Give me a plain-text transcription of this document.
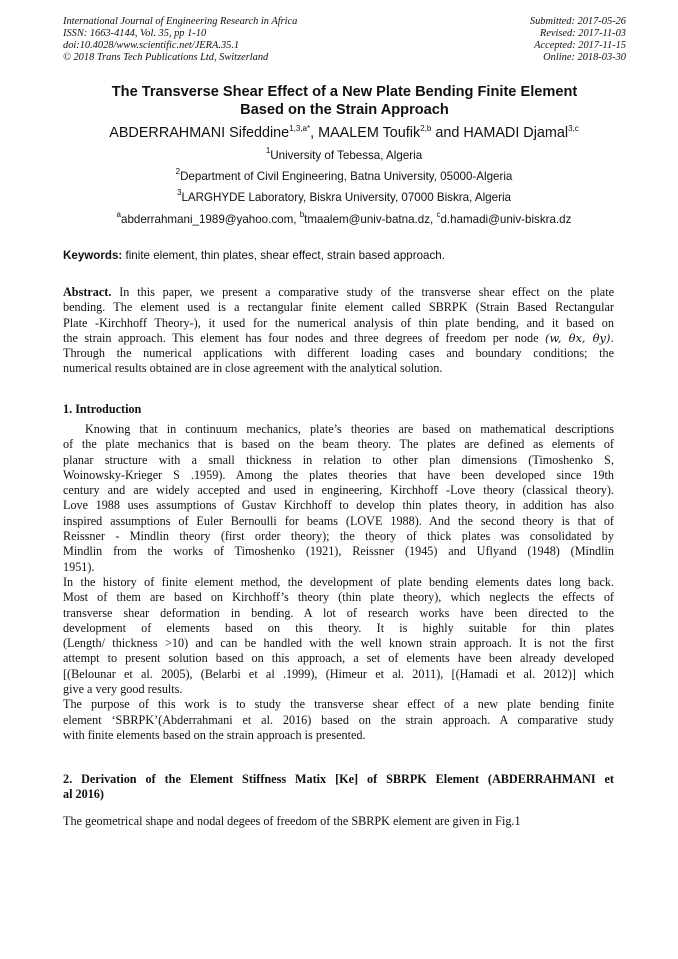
International Journal of Engineering Research in Africa
ISSN: 1663-4144, Vol. 35, pp 1-10
doi:10.4028/www.scientific.net/JERA.35.1
© 2018 Trans Tech Publications Ltd, Switzerland
Submitted: 2017-05-26
Revised: 2017-11-03
Accepted: 2017-11-15
Online: 2018-03-30
The Transverse Shear Effect of a New Plate Bending Finite Element
Based on the Strain Approach
ABDERRAHMANI Sifeddine$^{1,3,a*}$, MAALEM Toufik$^{2,b}$ and HAMADI Djamal$^{3,c}$
$^1$University of Tebessa, Algeria
$^2$Department of Civil Engineering, Batna University, 05000-Algeria
$^3$LARGHYDE Laboratory, Biskra University, 07000 Biskra, Algeria
$^a$abderrahmani_1989@yahoo.com, $^b$tmaalem@univ-batna.dz, $^c$d.hamadi@univ-biskra.dz
Keywords: finite element, thin plates, shear effect, strain based approach.
Abstract. In this paper, we present a comparative study of the transverse shear effect on the plate
bending. The element used is a rectangular finite element called SBRPK (Strain Based Rectangular
Plate -Kirchhoff Theory-), it used for the numerical analysis of thin plate bending, and it based on
the strain approach. This element has four nodes and three degrees of freedom per node (w, θx, θy).
Through the numerical applications with different loading cases and boundary conditions; the
numerical results obtained are in close agreement with the analytical solution.
1. Introduction
Knowing that in continuum mechanics, plate’s theories are based on mathematical descriptions
of the plate mechanics that is based on the beam theory. The plates are defined as elements of
planar structure with a small thickness in relation to other plan dimensions (Timoshenko S,
Woinowsky-Krieger S .1959). Among the plates theories that have been developed since 19th
century and are widely accepted and used in engineering, Kirchhoff -Love theory (classical theory).
Love 1988 uses assumptions of Gustav Kirchhoff to develop thin plates theory, in addition has also
inspired assumptions of Euler Bernoulli for beams (LOVE 1988). And the second theory is that of
Reissner - Mindlin theory (first order theory); the theory of thick plates was consolidated by
Mindlin from the works of Timoshenko (1921), Reissner (1945) and Uflyand (1948) (Mindlin
1951).
In the history of finite element method, the development of plate bending elements dates long back.
Most of them are based on Kirchhoff’s theory (thin plate theory), which neglects the effects of
transverse shear deformation in bending. A lot of research works have been directed to the
development of elements based on this theory. It is highly suitable for thin plates
(Length/ thickness >10) and can be handled with the well known strain approach. It is not the first
attempt to present solution based on this approach, a set of elements have been already developed
[(Belounar et al. 2005), (Belarbi et al .1999), (Himeur et al. 2011), [(Hamadi et al. 2012)] which
give a very good results.
The purpose of this work is to study the transverse shear effect of a new plate bending finite
element ‘SBRPK’(Abderrahmani et al. 2016) based on the strain approach. A comparative study
with finite elements based on the strain approach is presented.
2. Derivation of the Element Stiffness Matix [Ke] of SBRPK Element (ABDERRAHMANI et
al 2016)
The geometrical shape and nodal degees of freedom of the SBRPK element are given in Fig.1
